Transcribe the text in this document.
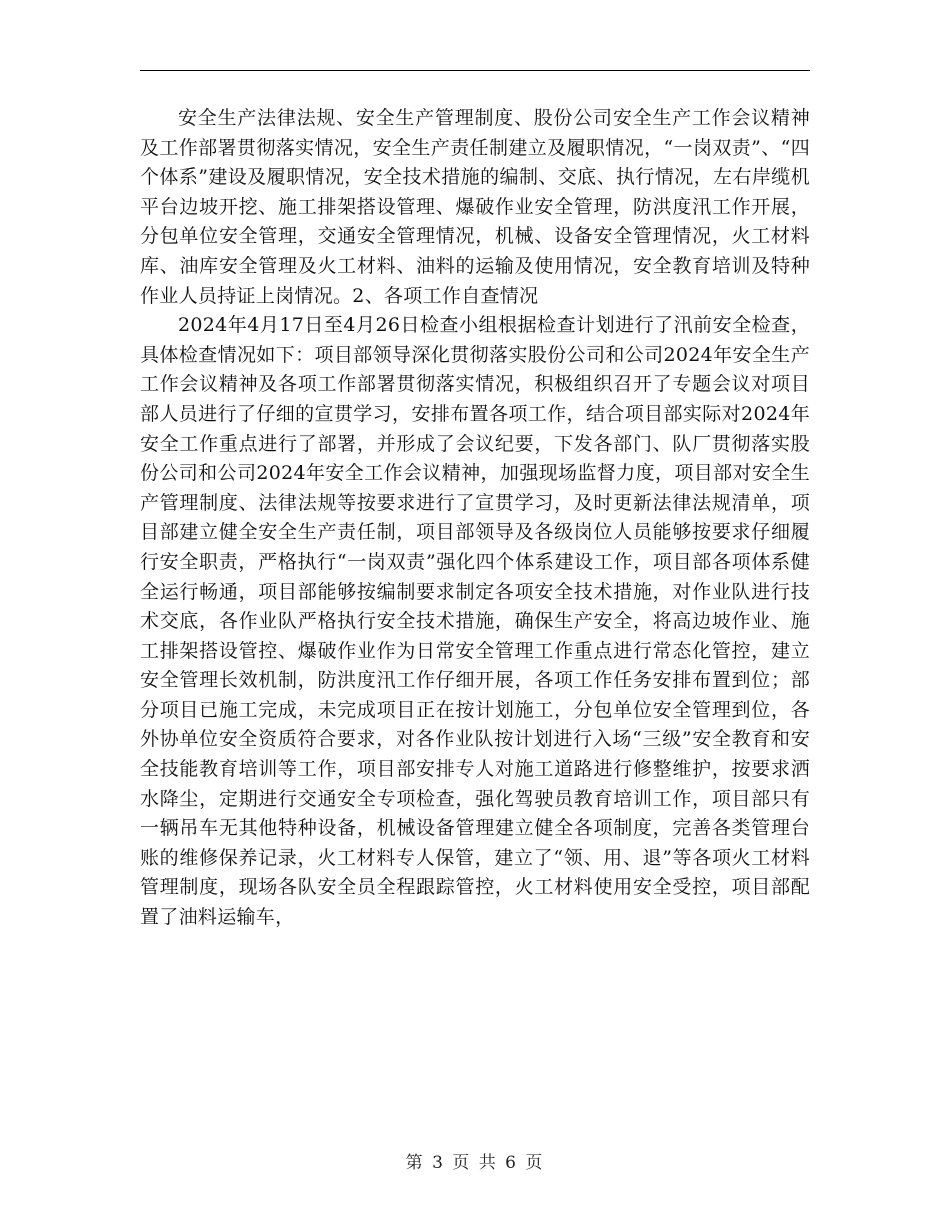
安全生产法律法规、安全生产管理制度、股份公司安全生产工作会议精神及工作部署贯彻落实情况，安全生产责任制建立及履职情况，“一岗双责”、“四个体系”建设及履职情况，安全技术措施的编制、交底、执行情况，左右岸缆机平台边坡开挖、施工排架搭设管理、爆破作业安全管理，防洪度汛工作开展，分包单位安全管理，交通安全管理情况，机械、设备安全管理情况，火工材料库、油库安全管理及火工材料、油料的运输及使用情况，安全教育培训及特种作业人员持证上岗情况。2、各项工作自查情况

2024年4月17日至4月26日检查小组根据检查计划进行了汛前安全检查，具体检查情况如下：项目部领导深化贯彻落实股份公司和公司2024年安全生产工作会议精神及各项工作部署贯彻落实情况，积极组织召开了专题会议对项目部人员进行了仔细的宣贯学习，安排布置各项工作，结合项目部实际对2024年安全工作重点进行了部署，并形成了会议纪要，下发各部门、队厂贯彻落实股份公司和公司2024年安全工作会议精神，加强现场监督力度，项目部对安全生产管理制度、法律法规等按要求进行了宣贯学习，及时更新法律法规清单，项目部建立健全安全生产责任制，项目部领导及各级岗位人员能够按要求仔细履行安全职责，严格执行“一岗双责”强化四个体系建设工作，项目部各项体系健全运行畅通，项目部能够按编制要求制定各项安全技术措施，对作业队进行技术交底，各作业队严格执行安全技术措施，确保生产安全，将高边坡作业、施工排架搭设管控、爆破作业作为日常安全管理工作重点进行常态化管控，建立安全管理长效机制，防洪度汛工作仔细开展，各项工作任务安排布置到位；部分项目已施工完成，未完成项目正在按计划施工，分包单位安全管理到位，各外协单位安全资质符合要求，对各作业队按计划进行入场“三级”安全教育和安全技能教育培训等工作，项目部安排专人对施工道路进行修整维护，按要求洒水降尘，定期进行交通安全专项检查，强化驾驶员教育培训工作，项目部只有一辆吊车无其他特种设备，机械设备管理建立健全各项制度，完善各类管理台账的维修保养记录，火工材料专人保管，建立了“领、用、退”等各项火工材料管理制度，现场各队安全员全程跟踪管控，火工材料使用安全受控，项目部配置了油料运输车，

第 3 页 共 6 页
